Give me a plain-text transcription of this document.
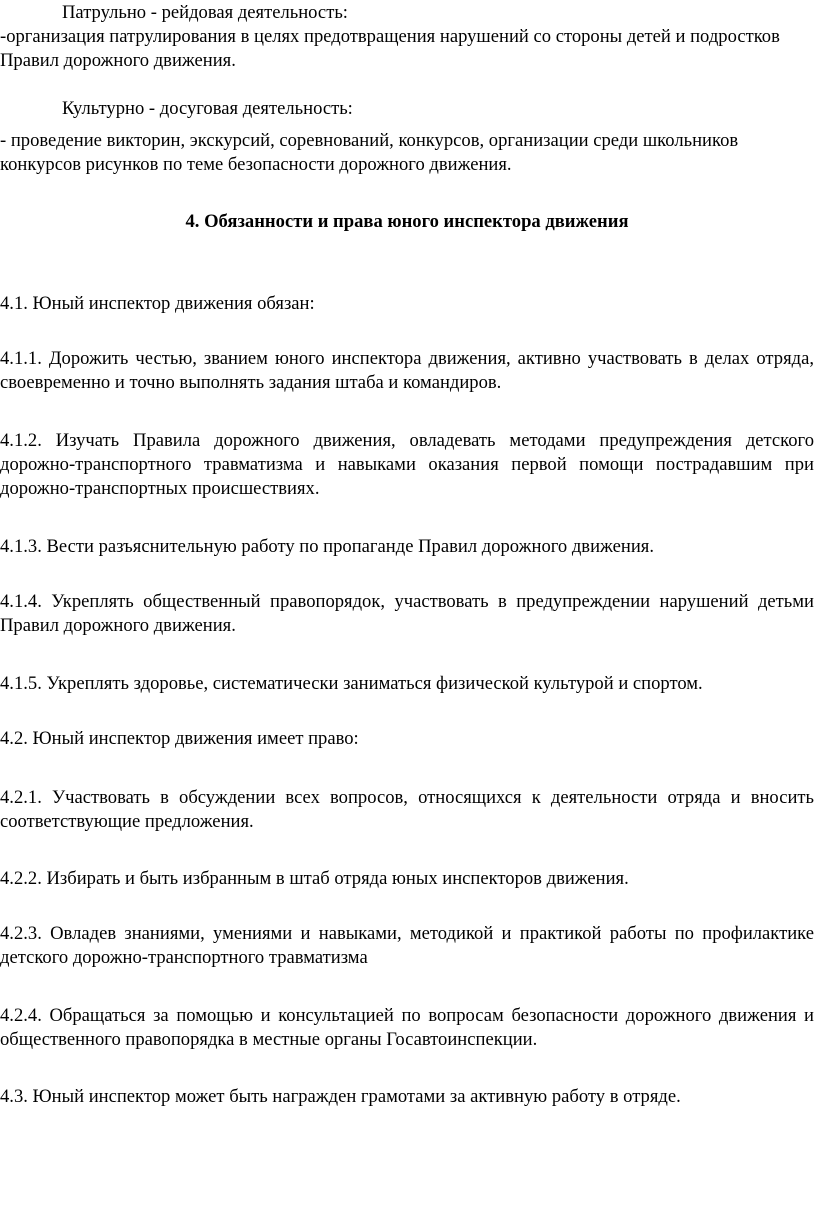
Патрульно - рейдовая деятельность:

-организация патрулирования в целях предотвращения нарушений со стороны детей и подростков Правил дорожного движения.

Культурно - досуговая деятельность:

- проведение викторин, экскурсий, соревнований, конкурсов, организации среди школьников конкурсов рисунков по теме безопасности дорожного движения.

4. Обязанности и права юного инспектора движения

4.1. Юный инспектор движения обязан:

4.1.1. Дорожить честью, званием юного инспектора движения, активно участвовать в делах отряда, своевременно и точно выполнять задания штаба и командиров.

4.1.2. Изучать Правила дорожного движения, овладевать методами предупреждения детского дорожно-транспортного травматизма и навыками оказания первой помощи пострадавшим при дорожно-транспортных происшествиях.

4.1.3. Вести разъяснительную работу по пропаганде Правил дорожного движения.

4.1.4. Укреплять общественный правопорядок, участвовать в предупреждении нарушений детьми Правил дорожного движения.

4.1.5. Укреплять здоровье, систематически заниматься физической культурой и спортом.

4.2. Юный инспектор движения имеет право:

4.2.1. Участвовать в обсуждении всех вопросов, относящихся к деятельности отряда и вносить соответствующие предложения.

4.2.2. Избирать и быть избранным в штаб отряда юных инспекторов движения.

4.2.3. Овладев знаниями, умениями и навыками, методикой и практикой работы по профилактике детского дорожно-транспортного травматизма

4.2.4. Обращаться за помощью и консультацией по вопросам безопасности дорожного движения и общественного правопорядка в местные органы Госавтоинспекции.

4.3. Юный инспектор может быть награжден грамотами за активную работу в отряде.
